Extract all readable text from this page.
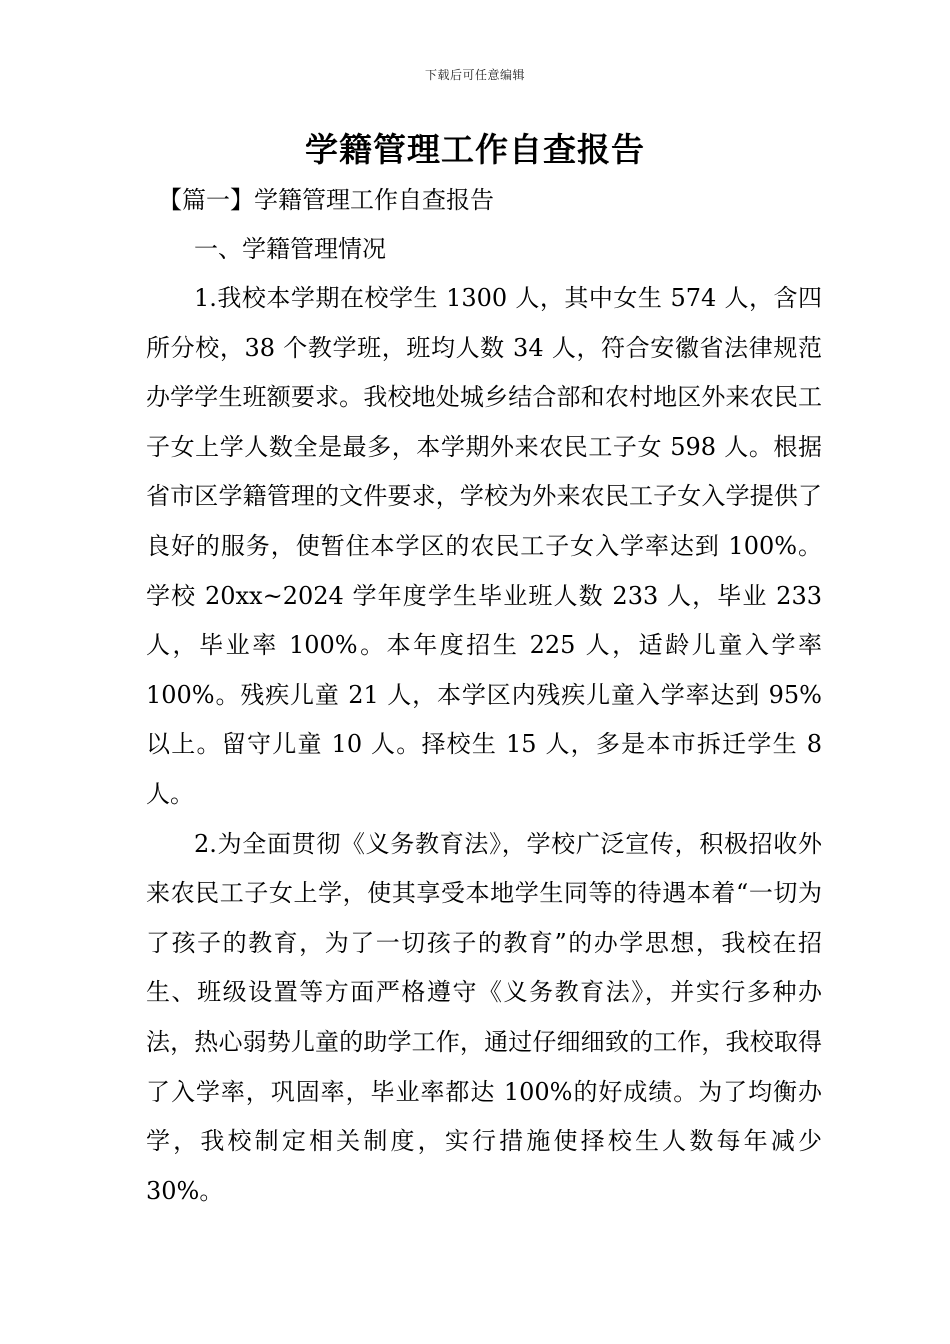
下载后可任意编辑
学籍管理工作自查报告

【篇一】学籍管理工作自查报告

一、学籍管理情况

1.我校本学期在校学生 1300 人，其中女生 574 人，含四所分校，38 个教学班，班均人数 34 人，符合安徽省法律规范办学学生班额要求。我校地处城乡结合部和农村地区外来农民工子女上学人数全是最多，本学期外来农民工子女 598 人。根据省市区学籍管理的文件要求，学校为外来农民工子女入学提供了良好的服务，使暂住本学区的农民工子女入学率达到 100%。学校 20xx~2024 学年度学生毕业班人数 233 人，毕业 233 人，毕业率 100%。本年度招生 225 人，适龄儿童入学率 100%。残疾儿童 21 人，本学区内残疾儿童入学率达到 95%以上。留守儿童 10 人。择校生 15 人，多是本市拆迁学生 8 人。

2.为全面贯彻《义务教育法》，学校广泛宣传，积极招收外来农民工子女上学，使其享受本地学生同等的待遇本着“一切为了孩子的教育，为了一切孩子的教育”的办学思想，我校在招生、班级设置等方面严格遵守《义务教育法》，并实行多种办法，热心弱势儿童的助学工作，通过仔细细致的工作，我校取得了入学率，巩固率，毕业率都达 100%的好成绩。为了均衡办学，我校制定相关制度，实行措施使择校生人数每年减少 30%。
